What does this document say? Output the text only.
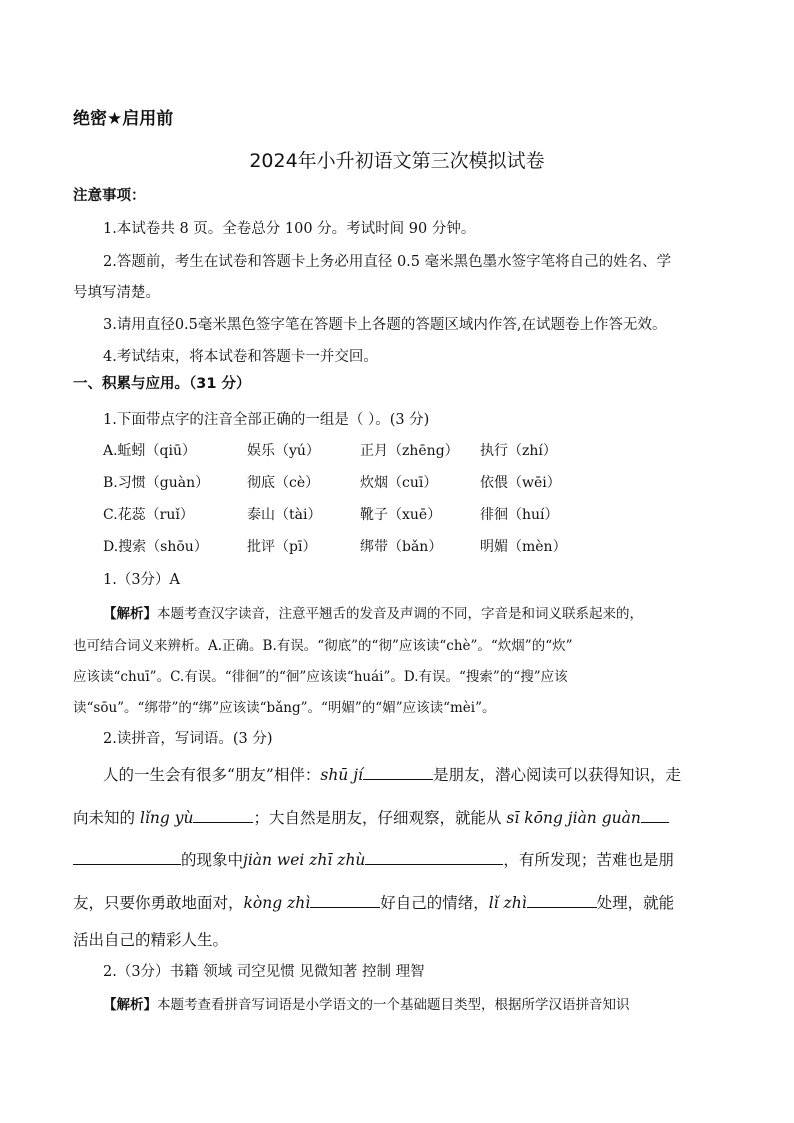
绝密★启用前
2024年小升初语文第三次模拟试卷
注意事项：
1.本试卷共 8 页。全卷总分 100 分。考试时间 90 分钟。
2.答题前，考生在试卷和答题卡上务必用直径 0.5 毫米黑色墨水签字笔将自己的姓名、学
号填写清楚。
3.请用直径0.5毫米黑色签字笔在答题卡上各题的答题区域内作答,在试题卷上作答无效。
4.考试结束，将本试卷和答题卡一并交回。
一、积累与应用。（31 分）
1.下面带点字的注音全部正确的一组是（ ）。(3 分)
A.蚯蚓（qiū）	娱乐（yú）	正月（zhēng） 执行（zhí）
B.习惯（guàn）	彻底（cè）	炊烟（cuī）	依偎（wēi）
C.花蕊（ruǐ）	泰山（tài）	靴子（xuē）	徘徊（huí）
D.搜索（shōu）	批评（pī）	绑带（bǎn）	明媚（mèn）
1.（3分）A
【解析】本题考查汉字读音，注意平翘舌的发音及声调的不同，字音是和词义联系起来的，
也可结合词义来辨析。A.正确。B.有误。“彻底”的“彻”应该读“chè”。“炊烟”的“炊”
应该读“chuī”。C.有误。“徘徊”的“徊”应该读“huái”。D.有误。“搜索”的“搜”应该
读“sōu”。“绑带”的“绑”应该读“bǎng”。“明媚”的“媚”应该读“mèi”。
2.读拼音，写词语。(3 分)
人的一生会有很多“朋友”相伴：shū jí	是朋友，潜心阅读可以获得知识，走
向未知的 lǐng yù	；大自然是朋友，仔细观察，就能从 sī kōng jiàn guàn
的现象中jiàn wei zhī zhù	，有所发现；苦难也是朋
友，只要你勇敢地面对，kòng zhì	好自己的情绪，lǐ zhì	处理，就能
活出自己的精彩人生。
2.（3分）书籍 领域 司空见惯 见微知著 控制 理智
【解析】本题考查看拼音写词语是小学语文的一个基础题目类型，根据所学汉语拼音知识
